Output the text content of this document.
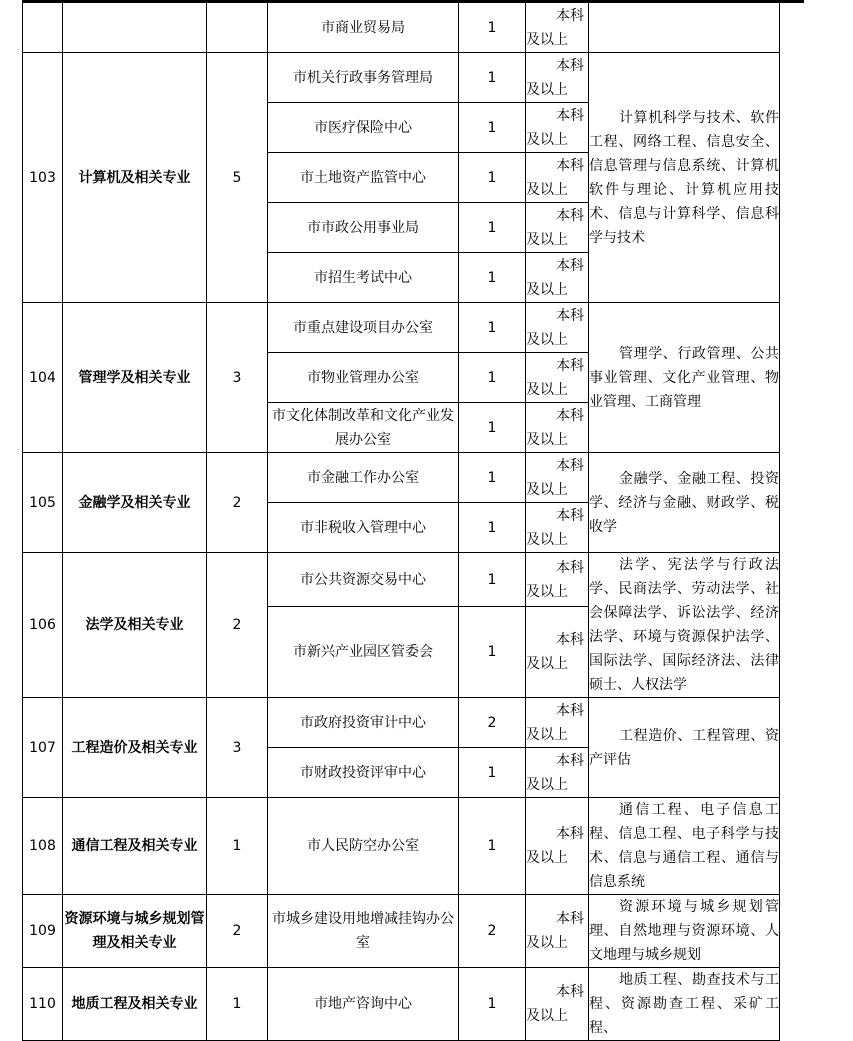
			市商业贸易局	1	本科
及以上	

103	计算机及相关专业	5	市机关行政事务管理局	1	本科
及以上	计算机科学与技术、软件工程、网络工程、信息安全、信息管理与信息系统、计算机软件与理论、计算机应用技术、信息与计算科学、信息科学与技术
			市医疗保险中心	1	本科
及以上	

			市土地资产监管中心	1	本科
及以上	

			市市政公用事业局	1	本科
及以上	

			市招生考试中心	1	本科
及以上	

104	管理学及相关专业	3	市重点建设项目办公室	1	本科
及以上	管理学、行政管理、公共事业管理、文化产业管理、物业管理、工商管理
			市物业管理办公室	1	本科
及以上	

			市文化体制改革和文化产业发展办公室	1	本科
及以上	

105	金融学及相关专业	2	市金融工作办公室	1	本科
及以上	金融学、金融工程、投资学、经济与金融、财政学、税收学
			市非税收入管理中心	1	本科
及以上	

106	法学及相关专业	2	市公共资源交易中心	1	本科
及以上	法学、宪法学与行政法学、民商法学、劳动法学、社会保障法学、诉讼法学、经济法学、环境与资源保护法学、国际法学、国际经济法、法律硕士、人权法学
			市新兴产业园区管委会	1	本科
及以上	

107	工程造价及相关专业	3	市政府投资审计中心	2	本科
及以上	工程造价、工程管理、资产评估
			市财政投资评审中心	1	本科
及以上	

108	通信工程及相关专业	1	市人民防空办公室	1	本科
及以上	通信工程、电子信息工程、信息工程、电子科学与技术、信息与通信工程、通信与信息系统
109	资源环境与城乡规划管理及相关专业	2	市城乡建设用地增减挂钩办公室	2	本科
及以上	资源环境与城乡规划管理、自然地理与资源环境、人文地理与城乡规划
110	地质工程及相关专业	1	市地产咨询中心	1	本科
及以上	地质工程、勘查技术与工程、资源勘查工程、采矿工程、
